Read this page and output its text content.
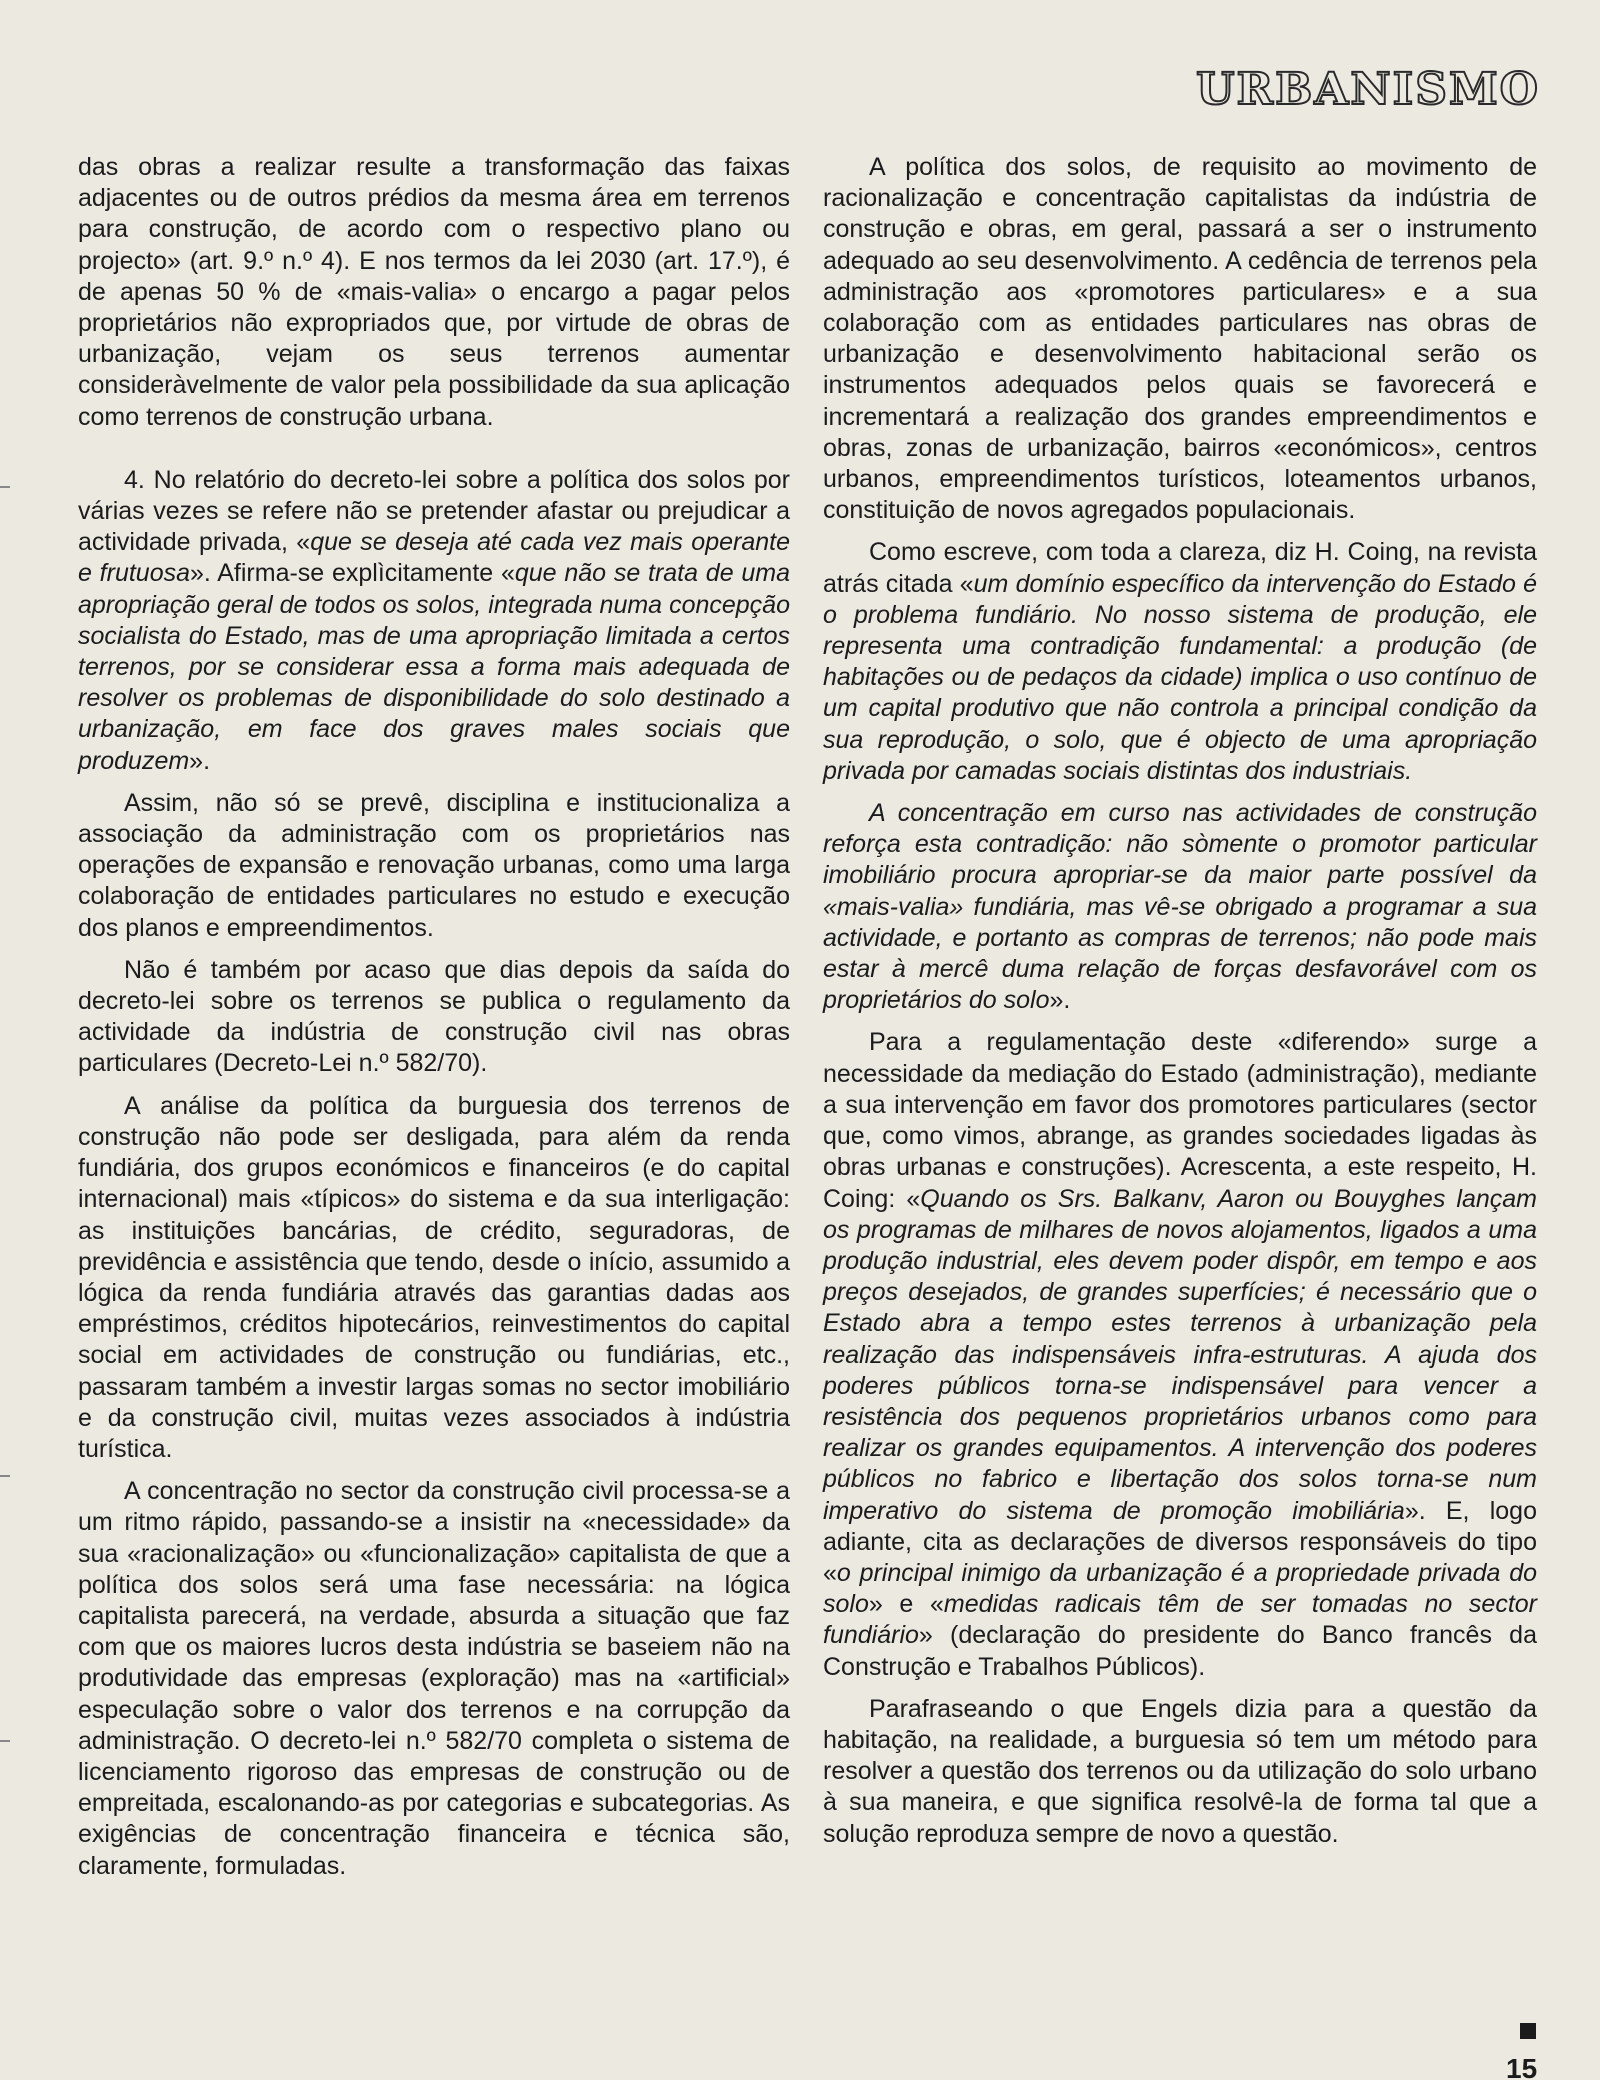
URBANISMO

das obras a realizar resulte a transformação das faixas adjacentes ou de outros prédios da mesma área em terrenos para construção, de acordo com o respectivo plano ou projecto» (art. 9.º n.º 4). E nos termos da lei 2030 (art. 17.º), é de apenas 50 % de «mais-valia» o encargo a pagar pelos proprietários não expropriados que, por virtude de obras de urbanização, vejam os seus terrenos aumentar consideràvelmente de valor pela possibilidade da sua aplicação como terrenos de construção urbana.

4. No relatório do decreto-lei sobre a política dos solos por várias vezes se refere não se pretender afastar ou prejudicar a actividade privada, «que se deseja até cada vez mais operante e frutuosa». Afirma-se explìcitamente «que não se trata de uma apropriação geral de todos os solos, integrada numa concepção socialista do Estado, mas de uma apropriação limitada a certos terrenos, por se considerar essa a forma mais adequada de resolver os problemas de disponibilidade do solo destinado a urbanização, em face dos graves males sociais que produzem».

Assim, não só se prevê, disciplina e institucionaliza a associação da administração com os proprietários nas operações de expansão e renovação urbanas, como uma larga colaboração de entidades particulares no estudo e execução dos planos e empreendimentos.

Não é também por acaso que dias depois da saída do decreto-lei sobre os terrenos se publica o regulamento da actividade da indústria de construção civil nas obras particulares (Decreto-Lei n.º 582/70).

A análise da política da burguesia dos terrenos de construção não pode ser desligada, para além da renda fundiária, dos grupos económicos e financeiros (e do capital internacional) mais «típicos» do sistema e da sua interligação: as instituições bancárias, de crédito, seguradoras, de previdência e assistência que tendo, desde o início, assumido a lógica da renda fundiária através das garantias dadas aos empréstimos, créditos hipotecários, reinvestimentos do capital social em actividades de construção ou fundiárias, etc., passaram também a investir largas somas no sector imobiliário e da construção civil, muitas vezes associados à indústria turística.

A concentração no sector da construção civil processa-se a um ritmo rápido, passando-se a insistir na «necessidade» da sua «racionalização» ou «funcionalização» capitalista de que a política dos solos será uma fase necessária: na lógica capitalista parecerá, na verdade, absurda a situação que faz com que os maiores lucros desta indústria se baseiem não na produtividade das empresas (exploração) mas na «artificial» especulação sobre o valor dos terrenos e na corrupção da administração. O decreto-lei n.º 582/70 completa o sistema de licenciamento rigoroso das empresas de construção ou de empreitada, escalonando-as por categorias e subcategorias. As exigências de concentração financeira e técnica são, claramente, formuladas.

A política dos solos, de requisito ao movimento de racionalização e concentração capitalistas da indústria de construção e obras, em geral, passará a ser o instrumento adequado ao seu desenvolvimento. A cedência de terrenos pela administração aos «promotores particulares» e a sua colaboração com as entidades particulares nas obras de urbanização e desenvolvimento habitacional serão os instrumentos adequados pelos quais se favorecerá e incrementará a realização dos grandes empreendimentos e obras, zonas de urbanização, bairros «económicos», centros urbanos, empreendimentos turísticos, loteamentos urbanos, constituição de novos agregados populacionais.

Como escreve, com toda a clareza, diz H. Coing, na revista atrás citada «um domínio específico da intervenção do Estado é o problema fundiário. No nosso sistema de produção, ele representa uma contradição fundamental: a produção (de habitações ou de pedaços da cidade) implica o uso contínuo de um capital produtivo que não controla a principal condição da sua reprodução, o solo, que é objecto de uma apropriação privada por camadas sociais distintas dos industriais.

A concentração em curso nas actividades de construção reforça esta contradição: não sòmente o promotor particular imobiliário procura apropriar-se da maior parte possível da «mais-valia» fundiária, mas vê-se obrigado a programar a sua actividade, e portanto as compras de terrenos; não pode mais estar à mercê duma relação de forças desfavorável com os proprietários do solo».

Para a regulamentação deste «diferendo» surge a necessidade da mediação do Estado (administração), mediante a sua intervenção em favor dos promotores particulares (sector que, como vimos, abrange, as grandes sociedades ligadas às obras urbanas e construções). Acrescenta, a este respeito, H. Coing: «Quando os Srs. Balkanv, Aaron ou Bouyghes lançam os programas de milhares de novos alojamentos, ligados a uma produção industrial, eles devem poder dispôr, em tempo e aos preços desejados, de grandes superfícies; é necessário que o Estado abra a tempo estes terrenos à urbanização pela realização das indispensáveis infra-estruturas. A ajuda dos poderes públicos torna-se indispensável para vencer a resistência dos pequenos proprietários urbanos como para realizar os grandes equipamentos. A intervenção dos poderes públicos no fabrico e libertação dos solos torna-se num imperativo do sistema de promoção imobiliária». E, logo adiante, cita as declarações de diversos responsáveis do tipo «o principal inimigo da urbanização é a propriedade privada do solo» e «medidas radicais têm de ser tomadas no sector fundiário» (declaração do presidente do Banco francês da Construção e Trabalhos Públicos).

Parafraseando o que Engels dizia para a questão da habitação, na realidade, a burguesia só tem um método para resolver a questão dos terrenos ou da utilização do solo urbano à sua maneira, e que significa resolvê-la de forma tal que a solução reproduza sempre de novo a questão.

15
